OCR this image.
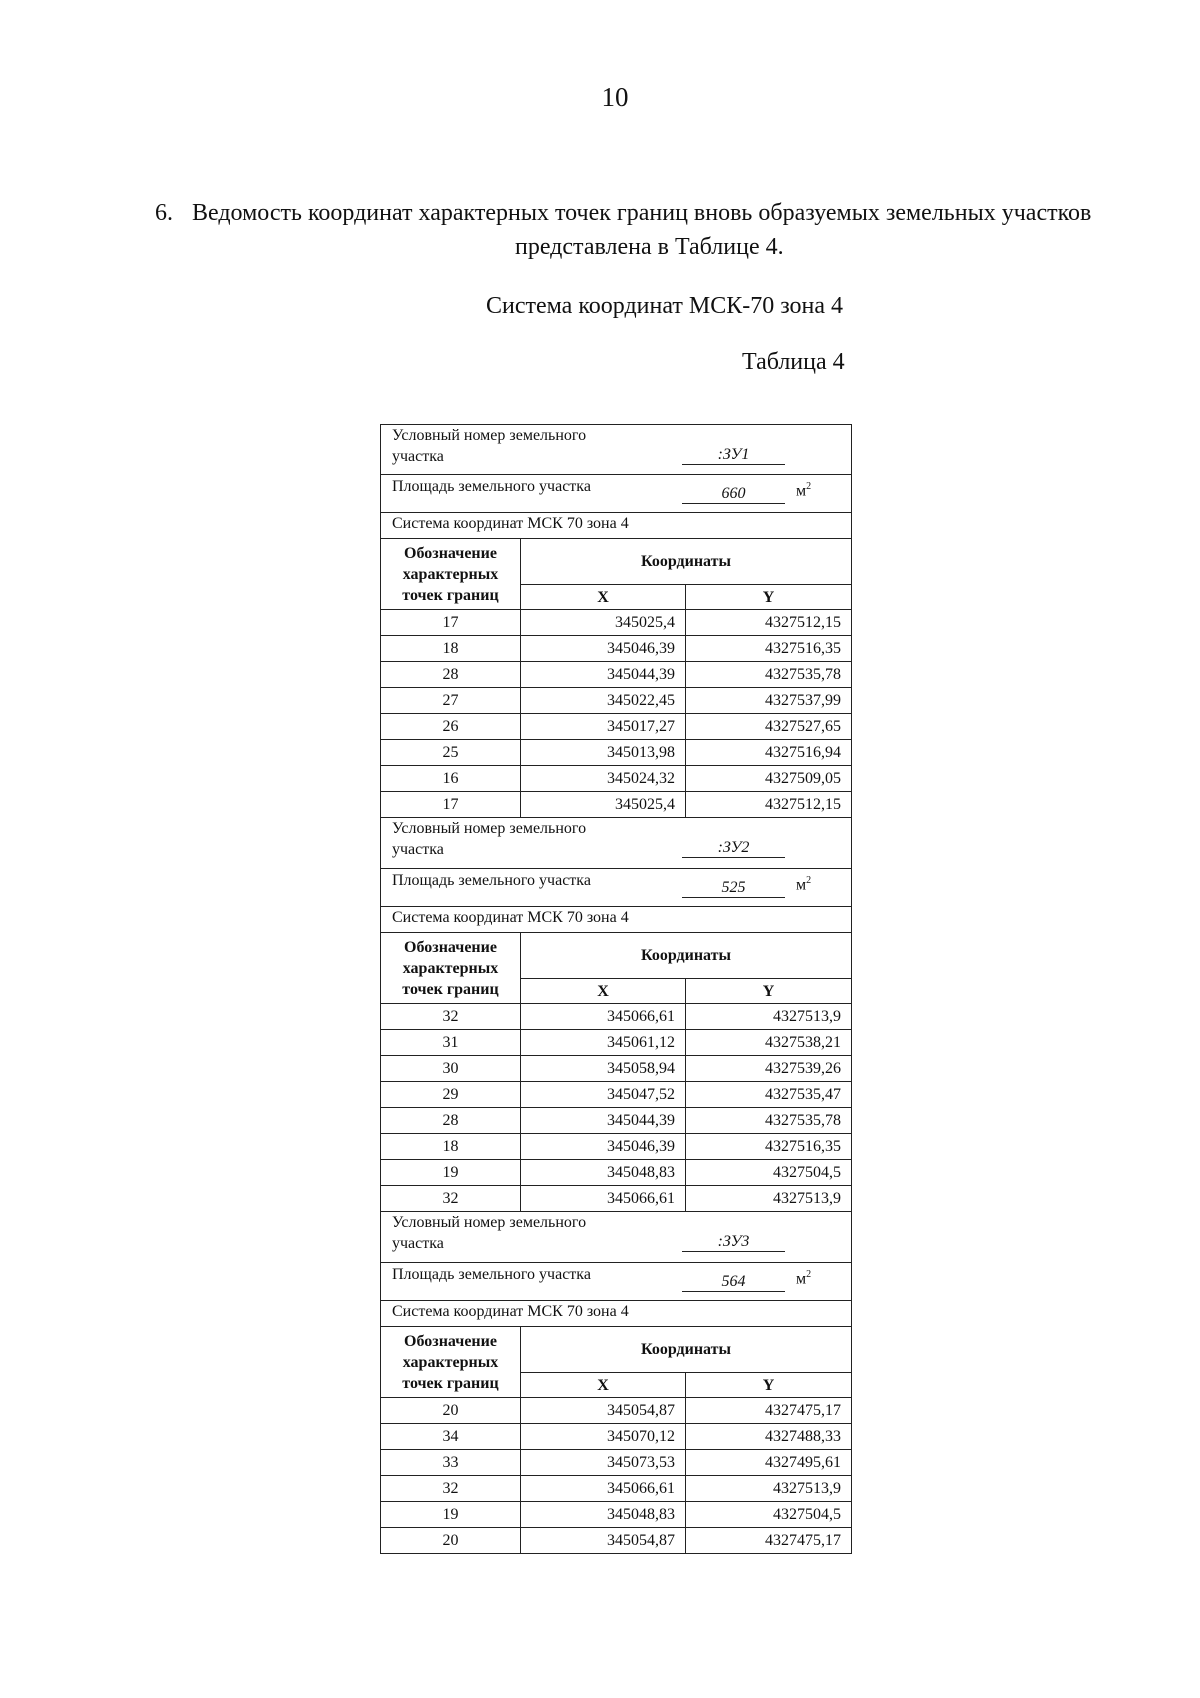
10
6. Ведомость координат характерных точек границ вновь образуемых земельных участков
представлена в Таблице 4.
Система координат МСК-70 зона 4
Таблица 4
Условный номер земельного
участка	:ЗУ1
Площадь земельного участка	660	$м^2$
Система координат МСК 70 зона 4
Обозначение
характерных
точек границ
Координаты
X	Y
17	345025,4	4327512,15
18	345046,39	4327516,35
28	345044,39	4327535,78
27	345022,45	4327537,99
26	345017,27	4327527,65
25	345013,98	4327516,94
16	345024,32	4327509,05
17	345025,4	4327512,15
Условный номер земельного
участка	:ЗУ2
Площадь земельного участка	525	$м^2$
Система координат МСК 70 зона 4
Обозначение
характерных
точек границ
Координаты
X	Y
32	345066,61	4327513,9
31	345061,12	4327538,21
30	345058,94	4327539,26
29	345047,52	4327535,47
28	345044,39	4327535,78
18	345046,39	4327516,35
19	345048,83	4327504,5
32	345066,61	4327513,9
Условный номер земельного
участка	:ЗУ3
Площадь земельного участка	564	$м^2$
Система координат МСК 70 зона 4
Обозначение
характерных
точек границ
Координаты
X	Y
20	345054,87	4327475,17
34	345070,12	4327488,33
33	345073,53	4327495,61
32	345066,61	4327513,9
19	345048,83	4327504,5
20	345054,87	4327475,17
